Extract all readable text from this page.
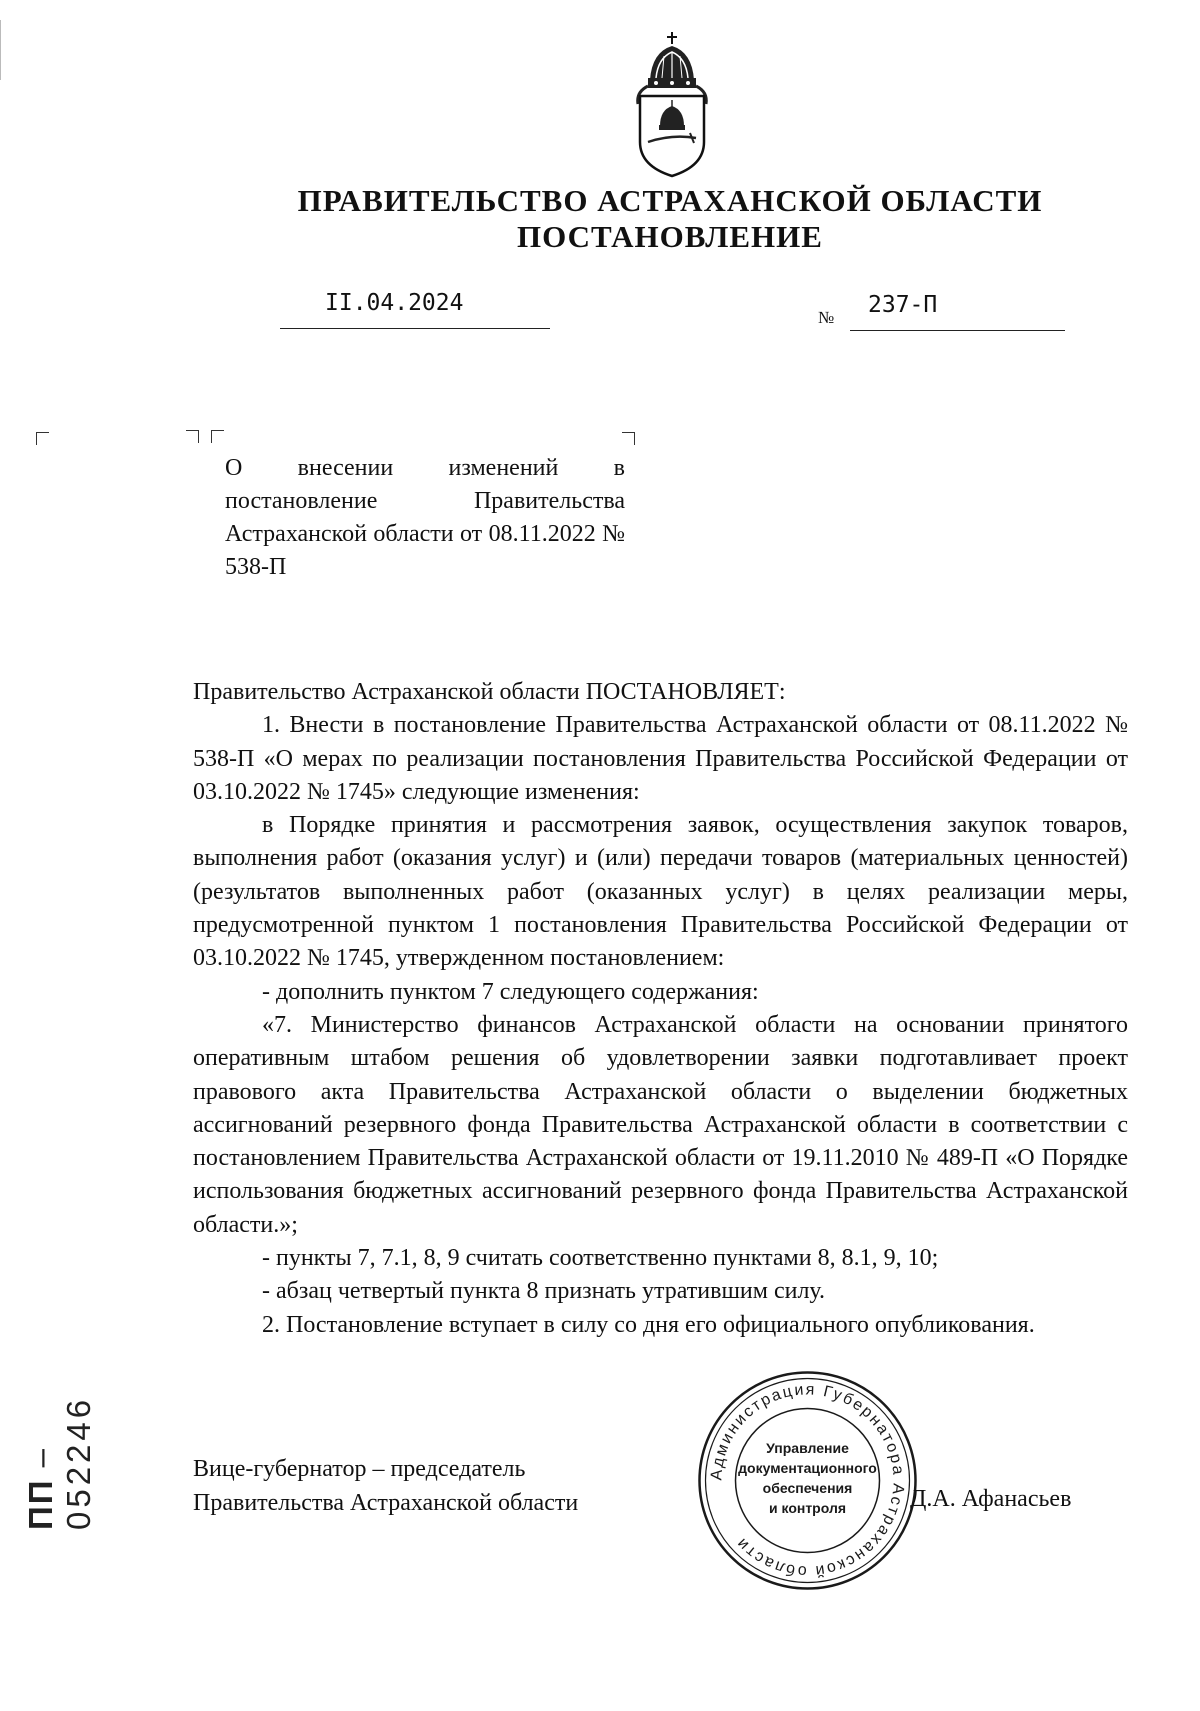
ПРАВИТЕЛЬСТВО АСТРАХАНСКОЙ ОБЛАСТИ
ПОСТАНОВЛЕНИЕ
II.04.2024
№ 237-П
О внесении изменений в постановление Правительства Астраханской области от 08.11.2022 № 538-П

Правительство Астраханской области ПОСТАНОВЛЯЕТ:

1. Внести в постановление Правительства Астраханской области от 08.11.2022 № 538-П «О мерах по реализации постановления Правительства Российской Федерации от 03.10.2022 № 1745» следующие изменения:

в Порядке принятия и рассмотрения заявок, осуществления закупок товаров, выполнения работ (оказания услуг) и (или) передачи товаров (материальных ценностей) (результатов выполненных работ (оказанных услуг) в целях реализации меры, предусмотренной пунктом 1 постановления Правительства Российской Федерации от 03.10.2022 № 1745, утвержденном постановлением:

- дополнить пунктом 7 следующего содержания:

«7. Министерство финансов Астраханской области на основании принятого оперативным штабом решения об удовлетворении заявки подготавливает проект правового акта Правительства Астраханской области о выделении бюджетных ассигнований резервного фонда Правительства Астраханской области в соответствии с постановлением Правительства Астраханской области от 19.11.2010 № 489-П «О Порядке использования бюджетных ассигнований резервного фонда Правительства Астраханской области.»;

- пункты 7, 7.1, 8, 9 считать соответственно пунктами 8, 8.1, 9, 10;

- абзац четвертый пункта 8 признать утратившим силу.

2. Постановление вступает в силу со дня его официального опубликования.

Вице-губернатор – председатель
Правительства Астраханской области
Администрация Губернатора Астраханской области
Управление
документационного
обеспечения
и контроля	Д.А. Афанасьев
ПП – 052246
